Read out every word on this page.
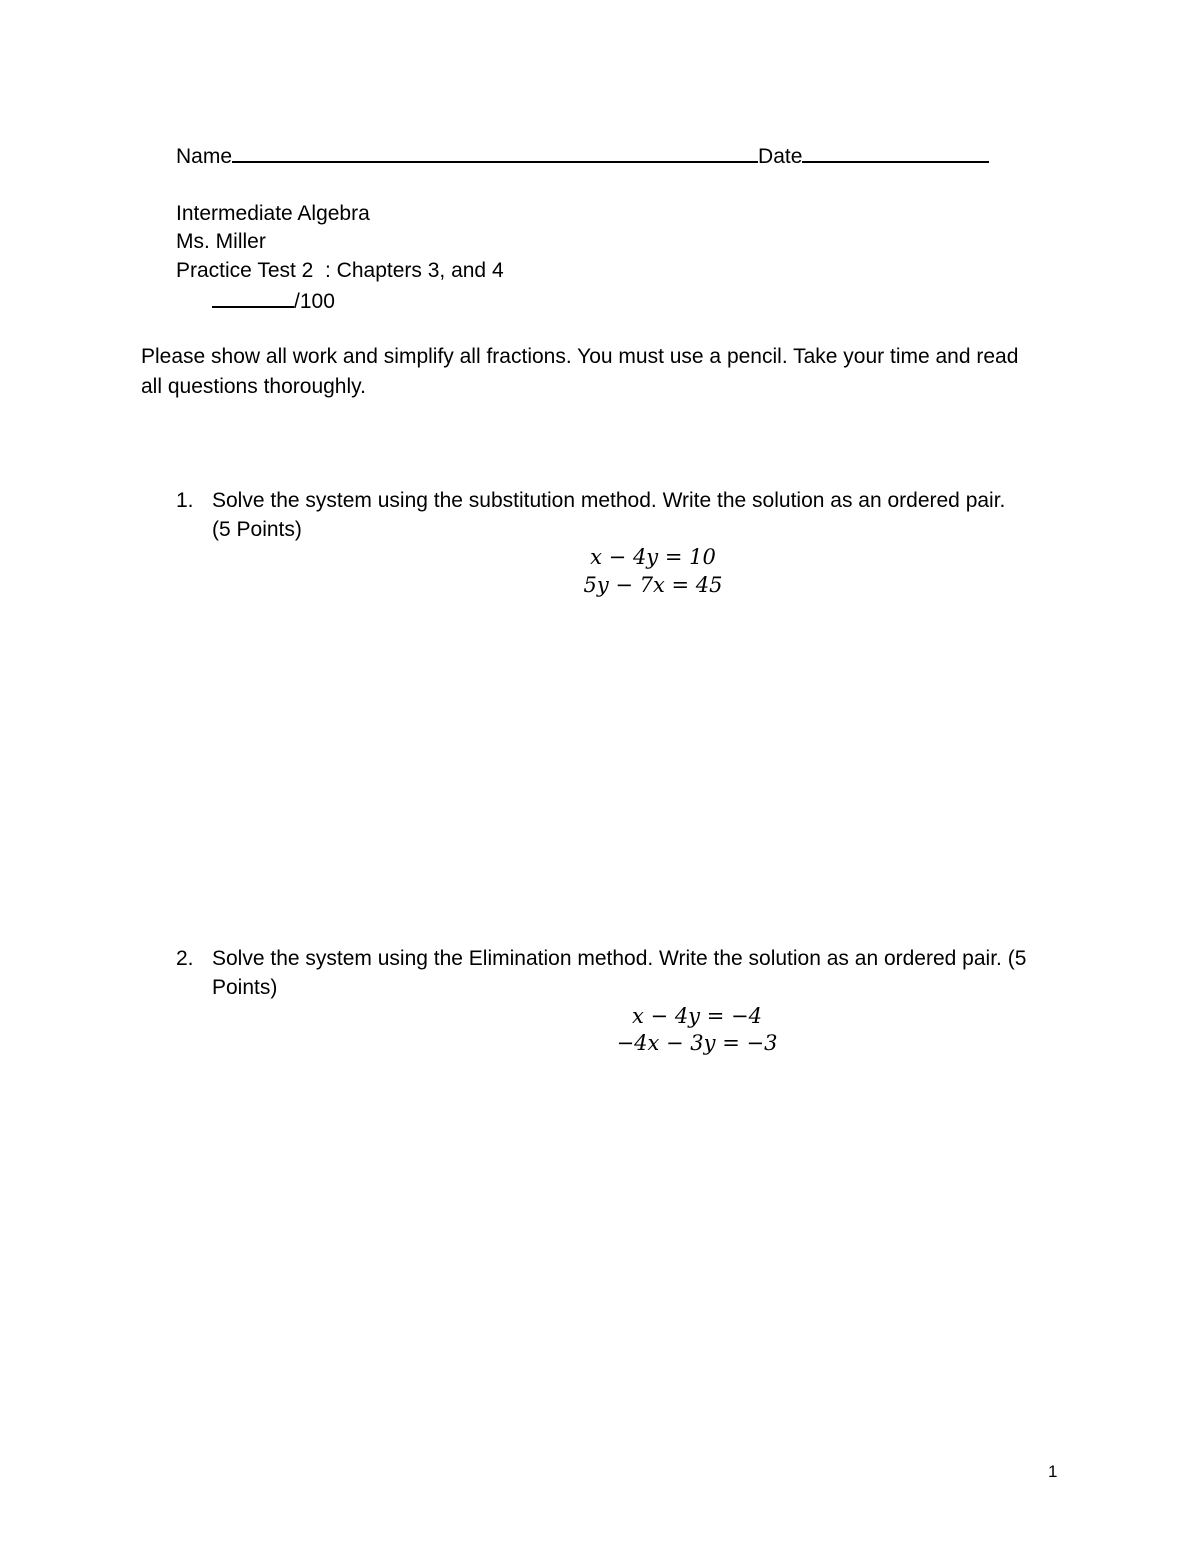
Name	Date
Intermediate Algebra
Ms. Miller
Practice Test 2  : Chapters 3, and 4
/100
Please show all work and simplify all fractions. You must use a pencil. Take your time and read
all questions thoroughly.
1. Solve the system using the substitution method. Write the solution as an ordered pair.
(5 Points)
x − 4y = 10
5y − 7x = 45
2. Solve the system using the Elimination method. Write the solution as an ordered pair. (5
Points)
x − 4y = −4
−4x − 3y = −3
1
